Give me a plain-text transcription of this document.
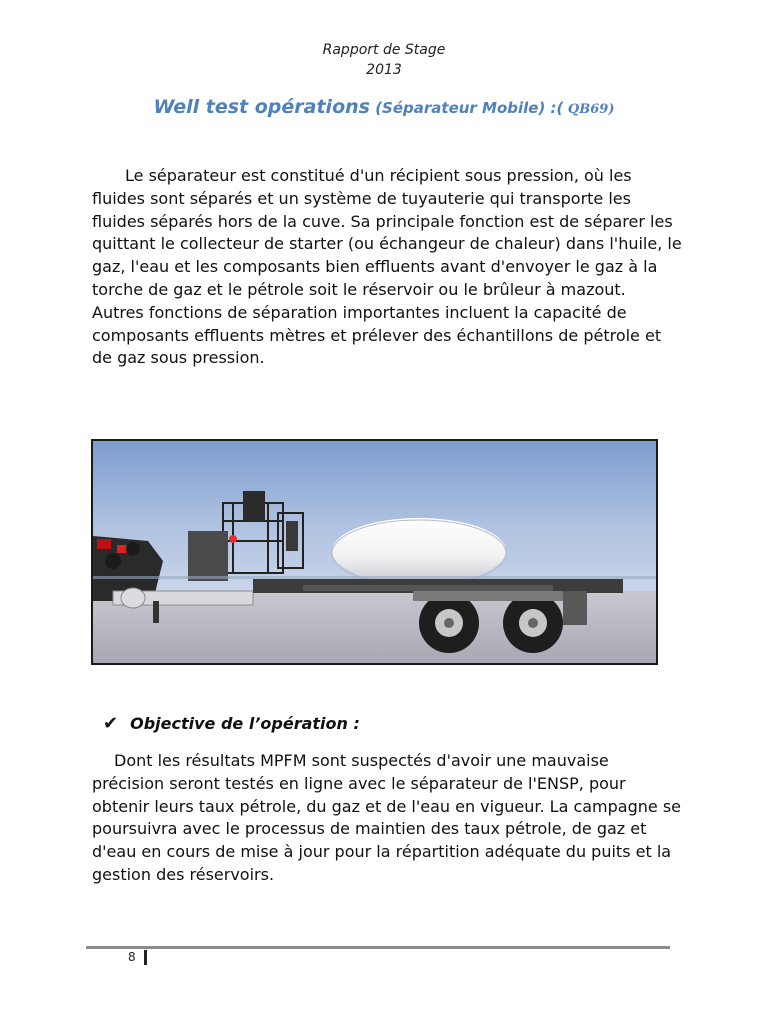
Rapport de Stage
2013
Well test opérations (Séparateur Mobile) :( QB69)

Le séparateur est constitué d'un récipient sous pression, où les fluides sont séparés et un système de tuyauterie qui transporte les fluides séparés hors de la cuve. Sa principale fonction est de séparer les quittant le collecteur de starter (ou échangeur de chaleur) dans l'huile, le gaz, l'eau et les composants bien effluents avant d'envoyer le gaz à la torche de gaz et le pétrole soit le réservoir ou le brûleur à mazout. Autres fonctions de séparation importantes incluent la capacité de composants effluents mètres et prélever des échantillons de pétrole et de gaz sous pression.

✔ Objective de l’opération :

Dont les résultats MPFM sont suspectés d'avoir une mauvaise précision seront testés en ligne avec le séparateur de l'ENSP, pour obtenir leurs taux pétrole, du gaz et de l'eau en vigueur. La campagne se poursuivra avec le processus de maintien des taux pétrole, de gaz et d'eau en cours de mise à jour pour la répartition adéquate du puits et la gestion des réservoirs.

8
